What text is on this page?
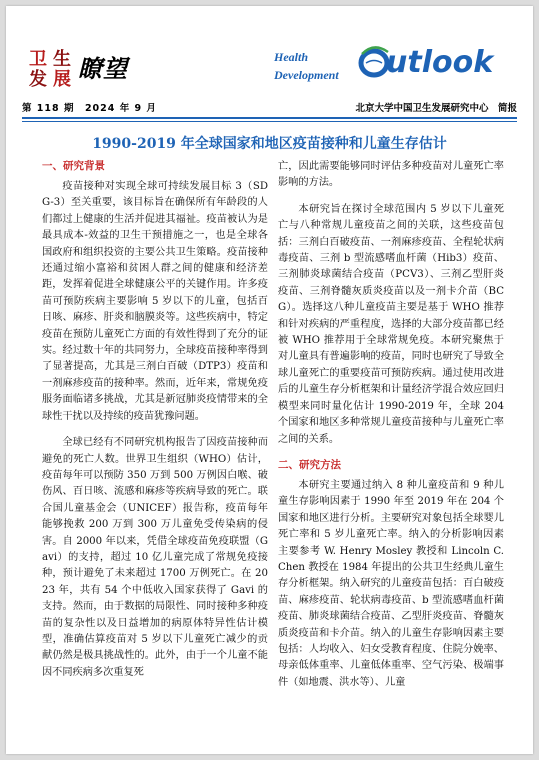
卫 生
发 展 瞭望	Health
Development utlook
第 118 期　2024 年 9 月	北京大学中国卫生发展研究中心　简报
1990-2019 年全球国家和地区疫苗接种和儿童生存估计
一、研究背景

疫苗接种对实现全球可持续发展目标 3（SDG-3）至关重要，该目标旨在确保所有年龄段的人们都过上健康的生活并促进其福祉。疫苗被认为是最具成本-效益的卫生干预措施之一，也是全球各国政府和组织投资的主要公共卫生策略。疫苗接种还通过缩小富裕和贫困人群之间的健康和经济差距，发挥着促进全球健康公平的关键作用。许多疫苗可预防疾病主要影响 5 岁以下的儿童，包括百日咳、麻疹、肝炎和脑膜炎等。这些疾病中，特定疫苗在预防儿童死亡方面的有效性得到了充分的证实。经过数十年的共同努力，全球疫苗接种率得到了显著提高，尤其是三剂白百破（DTP3）疫苗和一剂麻疹疫苗的接种率。然而，近年来，常规免疫服务面临诸多挑战，尤其是新冠肺炎疫情带来的全球性干扰以及持续的疫苗犹豫问题。

全球已经有不同研究机构报告了因疫苗接种而避免的死亡人数。世界卫生组织（WHO）估计，疫苗每年可以预防 350 万到 500 万例因白喉、破伤风、百日咳、流感和麻疹等疾病导致的死亡。联合国儿童基金会（UNICEF）报告称，疫苗每年能够挽救 200 万到 300 万儿童免受传染病的侵害。自 2000 年以来，凭借全球疫苗免疫联盟（Gavi）的支持，超过 10 亿儿童完成了常规免疫接种，预计避免了未来超过 1700 万例死亡。在 2023 年，共有 54 个中低收入国家获得了 Gavi 的支持。然而，由于数据的局限性、同时接种多种疫苗的复杂性以及日益增加的病原体特异性估计模型，准确估算疫苗对 5 岁以下儿童死亡减少的贡献仍然是极具挑战性的。此外，由于一个儿童不能因不同疾病多次重复死

亡，因此需要能够同时评估多种疫苗对儿童死亡率影响的方法。

本研究旨在探讨全球范围内 5 岁以下儿童死亡与八种常规儿童疫苗之间的关联，这些疫苗包括：三剂白百破疫苗、一剂麻疹疫苗、全程轮状病毒疫苗、三剂 b 型流感嗜血杆菌（Hib3）疫苗、三剂肺炎球菌结合疫苗（PCV3）、三剂乙型肝炎疫苗、三剂脊髓灰质炎疫苗以及一剂卡介苗（BCG）。选择这八种儿童疫苗主要是基于 WHO 推荐和针对疾病的严重程度，选择的大部分疫苗都已经被 WHO 推荐用于全球常规免疫。本研究聚焦于对儿童具有普遍影响的疫苗，同时也研究了导致全球儿童死亡的重要疫苗可预防疾病。通过使用改进后的儿童生存分析框架和计量经济学混合效应回归模型来同时量化估计 1990-2019 年，全球 204 个国家和地区多种常规儿童疫苗接种与儿童死亡率之间的关系。

二、研究方法

本研究主要通过纳入 8 种儿童疫苗和 9 种儿童生存影响因素于 1990 年至 2019 年在 204 个国家和地区进行分析。主要研究对象包括全球婴儿死亡率和 5 岁儿童死亡率。纳入的分析影响因素主要参考 W. Henry Mosley 教授和 Lincoln C. Chen 教授在 1984 年提出的公共卫生经典儿童生存分析框架。纳入研究的儿童疫苗包括：百白破疫苗、麻疹疫苗、轮状病毒疫苗、b 型流感嗜血杆菌疫苗、肺炎球菌结合疫苗、乙型肝炎疫苗、脊髓灰质炎疫苗和卡介苗。纳入的儿童生存影响因素主要包括：人均收入、妇女受教育程度、住院分娩率、母亲低体重率、儿童低体重率、空气污染、极端事件（如地震、洪水等）、儿童
